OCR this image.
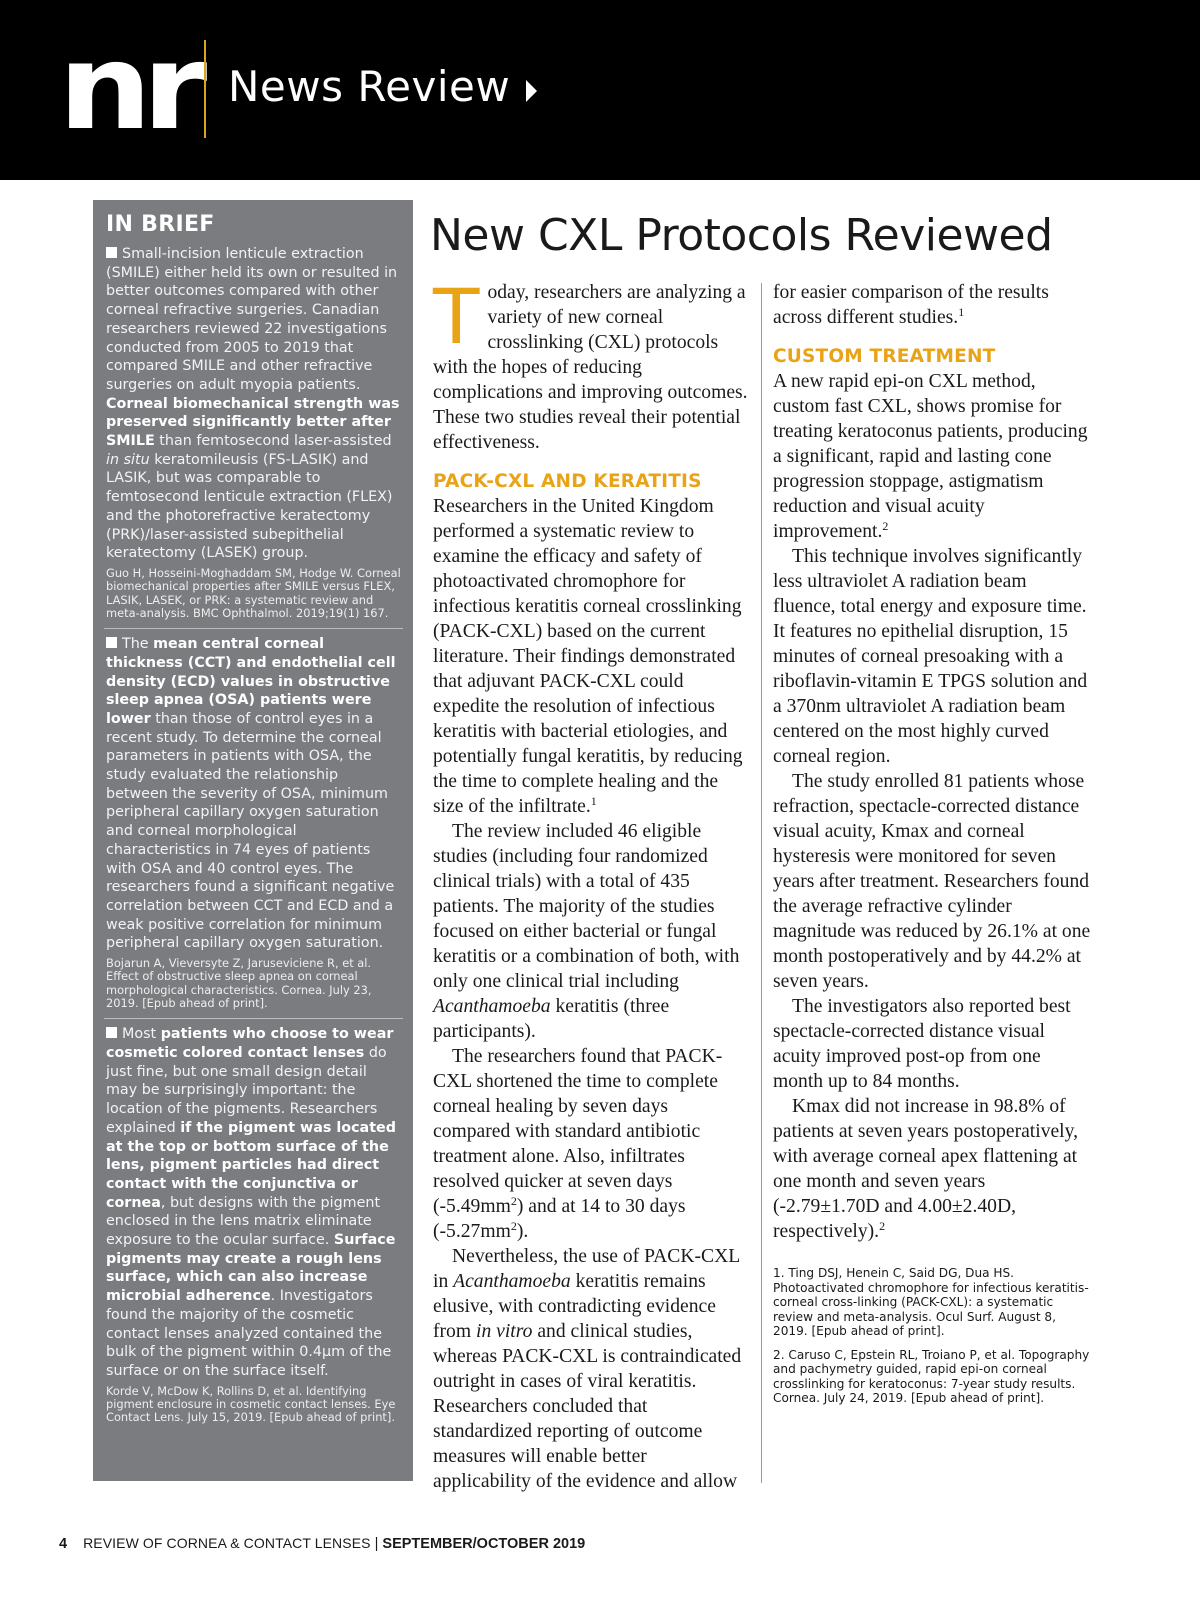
nr News Review
IN BRIEF
Small-incision lenticule extraction (SMILE) either held its own or resulted in better outcomes compared with other corneal refractive surgeries. Canadian researchers reviewed 22 investigations conducted from 2005 to 2019 that compared SMILE and other refractive surgeries on adult myopia patients. Corneal biomechanical strength was preserved significantly better after SMILE than femtosecond laser-assisted in situ keratomileusis (FS-LASIK) and LASIK, but was comparable to femtosecond lenticule extraction (FLEX) and the photorefractive keratectomy (PRK)/laser-assisted subepithelial keratectomy (LASEK) group.
Guo H, Hosseini-Moghaddam SM, Hodge W. Corneal biomechanical properties after SMILE versus FLEX, LASIK, LASEK, or PRK: a systematic review and meta-analysis. BMC Ophthalmol. 2019;19(1) 167.
The mean central corneal thickness (CCT) and endothelial cell density (ECD) values in obstructive sleep apnea (OSA) patients were lower than those of control eyes in a recent study. To determine the corneal parameters in patients with OSA, the study evaluated the relationship between the severity of OSA, minimum peripheral capillary oxygen saturation and corneal morphological characteristics in 74 eyes of patients with OSA and 40 control eyes. The researchers found a significant negative correlation between CCT and ECD and a weak positive correlation for minimum peripheral capillary oxygen saturation.
Bojarun A, Vieversyte Z, Jaruseviciene R, et al. Effect of obstructive sleep apnea on corneal morphological characteristics. Cornea. July 23, 2019. [Epub ahead of print].
Most patients who choose to wear cosmetic colored contact lenses do just fine, but one small design detail may be surprisingly important: the location of the pigments. Researchers explained if the pigment was located at the top or bottom surface of the lens, pigment particles had direct contact with the conjunctiva or cornea, but designs with the pigment enclosed in the lens matrix eliminate exposure to the ocular surface. Surface pigments may create a rough lens surface, which can also increase microbial adherence. Investigators found the majority of the cosmetic contact lenses analyzed contained the bulk of the pigment within 0.4µm of the surface or on the surface itself.
Korde V, McDow K, Rollins D, et al. Identifying pigment enclosure in cosmetic contact lenses. Eye Contact Lens. July 15, 2019. [Epub ahead of print].
New CXL Protocols Reviewed

Today, researchers are analyzing a variety of new corneal crosslinking (CXL) protocols with the hopes of reducing complications and improving outcomes. These two studies reveal their potential effectiveness.

PACK-CXL AND KERATITIS

Researchers in the United Kingdom performed a systematic review to examine the efficacy and safety of photoactivated chromophore for infectious keratitis corneal crosslinking (PACK-CXL) based on the current literature. Their findings demonstrated that adjuvant PACK-CXL could expedite the resolution of infectious keratitis with bacterial etiologies, and potentially fungal keratitis, by reducing the time to complete healing and the size of the infiltrate.$^1$

The review included 46 eligible studies (including four randomized clinical trials) with a total of 435 patients. The majority of the studies focused on either bacterial or fungal keratitis or a combination of both, with only one clinical trial including Acanthamoeba keratitis (three participants).

The researchers found that PACK-CXL shortened the time to complete corneal healing by seven days compared with standard antibiotic treatment alone. Also, infiltrates resolved quicker at seven days $(-5.49mm^2)$ and at 14 to 30 days $(-5.27mm^2)$.

Nevertheless, the use of PACK-CXL in Acanthamoeba keratitis remains elusive, with contradicting evidence from in vitro and clinical studies, whereas PACK-CXL is contraindicated outright in cases of viral keratitis. Researchers concluded that standardized reporting of outcome measures will enable better applicability of the evidence and allow

for easier comparison of the results across different studies.$^1$

CUSTOM TREATMENT

A new rapid epi-on CXL method, custom fast CXL, shows promise for treating keratoconus patients, producing a significant, rapid and lasting cone progression stoppage, astigmatism reduction and visual acuity improvement.$^2$

This technique involves significantly less ultraviolet A radiation beam fluence, total energy and exposure time. It features no epithelial disruption, 15 minutes of corneal presoaking with a riboflavin-vitamin E TPGS solution and a 370nm ultraviolet A radiation beam centered on the most highly curved corneal region.

The study enrolled 81 patients whose refraction, spectacle-corrected distance visual acuity, Kmax and corneal hysteresis were monitored for seven years after treatment. Researchers found the average refractive cylinder magnitude was reduced by 26.1% at one month postoperatively and by 44.2% at seven years.

The investigators also reported best spectacle-corrected distance visual acuity improved post-op from one month up to 84 months.

Kmax did not increase in 98.8% of patients at seven years postoperatively, with average corneal apex flattening at one month and seven years (-2.79±1.70D and 4.00±2.40D, respectively).$^2$

1. Ting DSJ, Henein C, Said DG, Dua HS. Photoactivated chromophore for infectious keratitis-corneal cross-linking (PACK-CXL): a systematic review and meta-analysis. Ocul Surf. August 8, 2019. [Epub ahead of print].
2. Caruso C, Epstein RL, Troiano P, et al. Topography and pachymetry guided, rapid epi-on corneal crosslinking for keratoconus: 7-year study results. Cornea. July 24, 2019. [Epub ahead of print].
4 REVIEW OF CORNEA & CONTACT LENSES | SEPTEMBER/OCTOBER 2019
